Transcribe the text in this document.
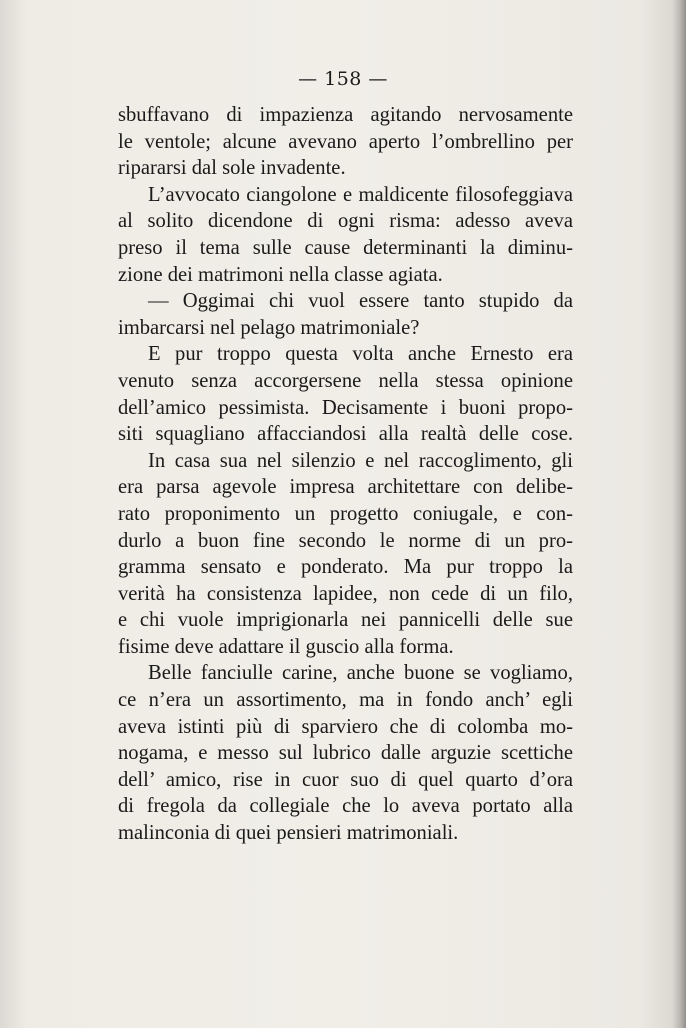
— 158 —
sbuffavano di impazienza agitando nervosamente
le ventole; alcune avevano aperto l’ombrellino per
ripararsi dal sole invadente.
L’avvocato ciangolone e maldicente filosofeggiava
al solito dicendone di ogni risma: adesso aveva
preso il tema sulle cause determinanti la diminu-
zione dei matrimoni nella classe agiata.
— Oggimai chi vuol essere tanto stupido da
imbarcarsi nel pelago matrimoniale?
E pur troppo questa volta anche Ernesto era
venuto senza accorgersene nella stessa opinione
dell’amico pessimista. Decisamente i buoni propo-
siti squagliano affacciandosi alla realtà delle cose.
In casa sua nel silenzio e nel raccoglimento, gli
era parsa agevole impresa architettare con delibe-
rato proponimento un progetto coniugale, e con-
durlo a buon fine secondo le norme di un pro-
gramma sensato e ponderato. Ma pur troppo la
verità ha consistenza lapidee, non cede di un filo,
e chi vuole imprigionarla nei pannicelli delle sue
fisime deve adattare il guscio alla forma.
Belle fanciulle carine, anche buone se vogliamo,
ce n’era un assortimento, ma in fondo anch’ egli
aveva istinti più di sparviero che di colomba mo-
nogama, e messo sul lubrico dalle arguzie scettiche
dell’ amico, rise in cuor suo di quel quarto d’ora
di fregola da collegiale che lo aveva portato alla
malinconia di quei pensieri matrimoniali.
